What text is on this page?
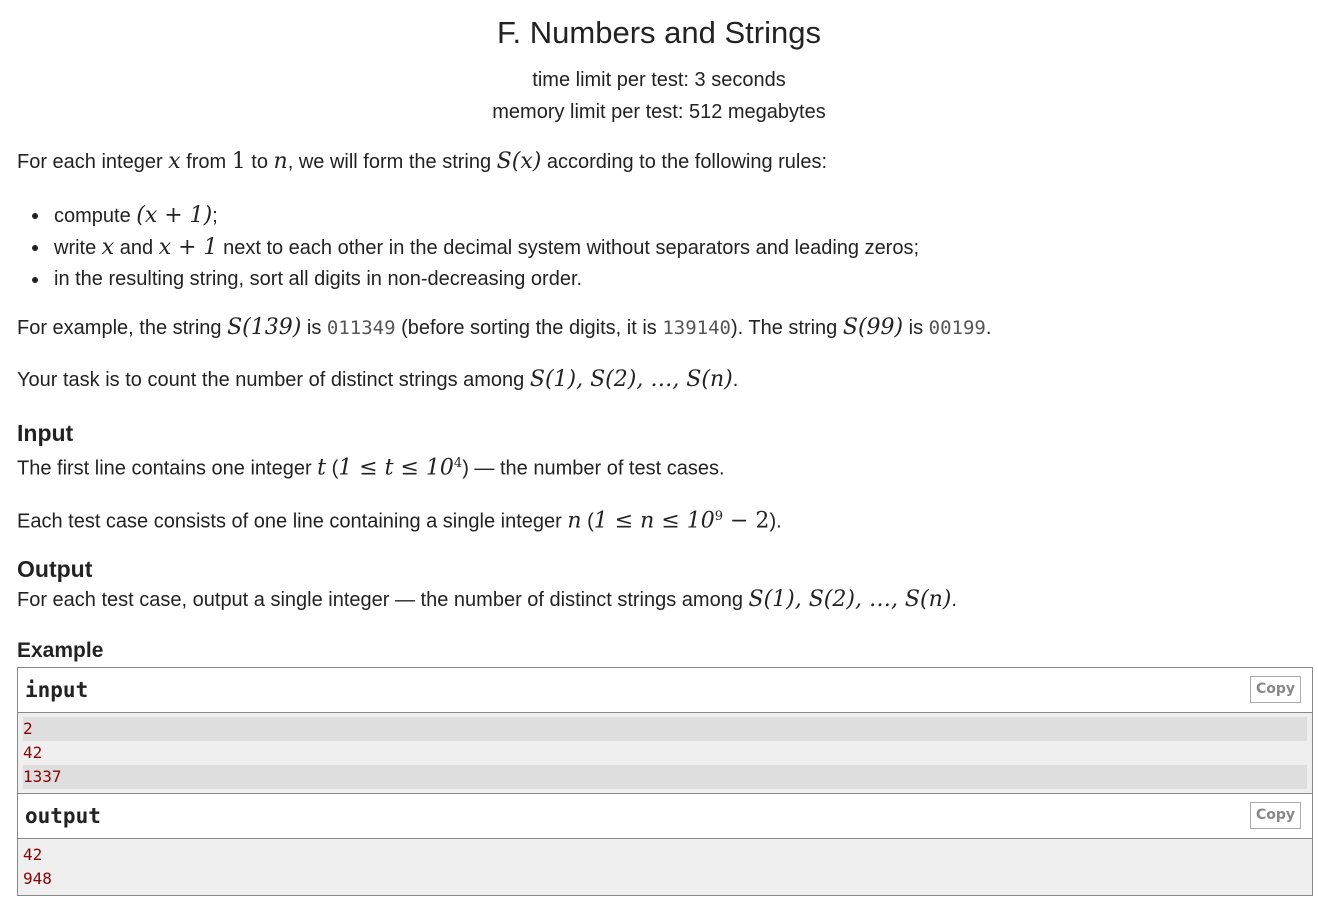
F. Numbers and Strings
time limit per test: 3 seconds
memory limit per test: 512 megabytes
For each integer x from 1 to n, we will form the string S(x) according to the following rules:
compute (x + 1);
write x and x + 1 next to each other in the decimal system without separators and leading zeros;
in the resulting string, sort all digits in non-decreasing order.
For example, the string S(139) is 011349 (before sorting the digits, it is 139140). The string S(99) is 00199.
Your task is to count the number of distinct strings among S(1), S(2), …, S(n).
Input
The first line contains one integer t $(1 \le t \le 10^4)$ — the number of test cases.
Each test case consists of one line containing a single integer n $(1 \le n \le 10^9 - 2)$.
Output
For each test case, output a single integer — the number of distinct strings among S(1), S(2), …, S(n).
Example
input	Copy
2
42
1337
output	Copy
42
948
